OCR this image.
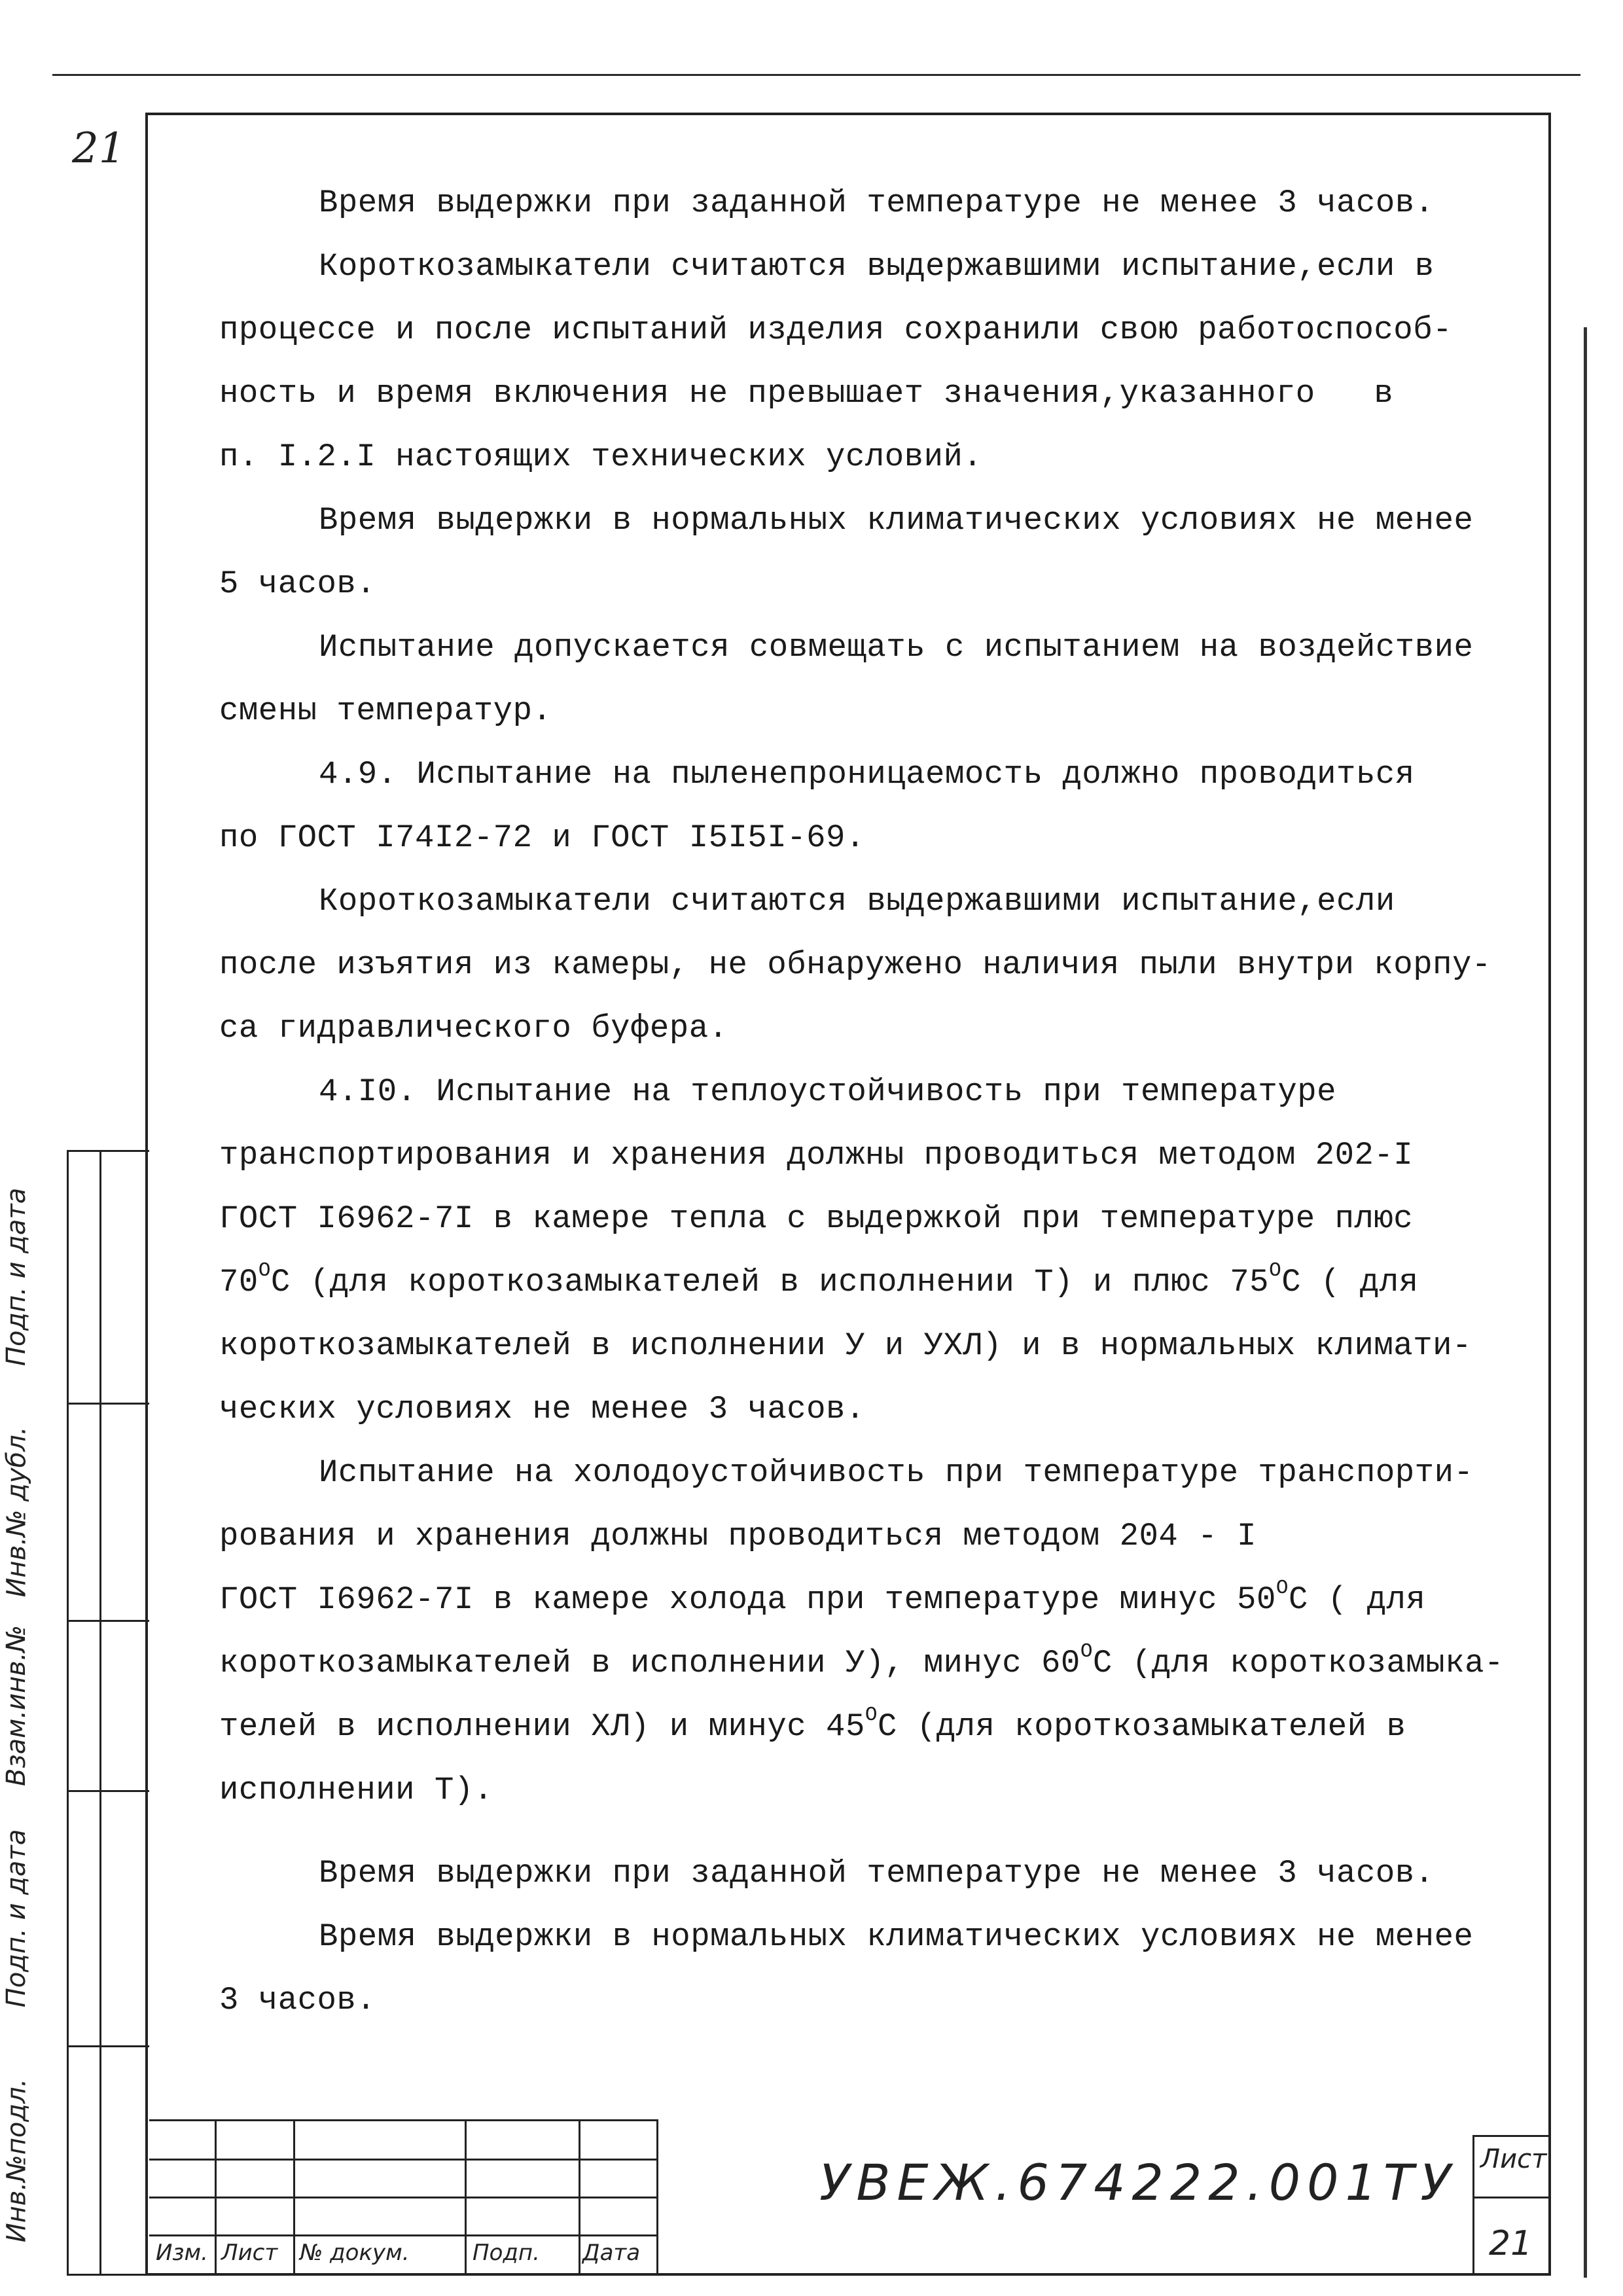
21
Время выдержки при заданной температуре не менее 3 часов.
Короткозамыкатели считаются выдержавшими испытание,если в
процессе и после испытаний изделия сохранили свою работоспособ-
ность и время включения не превышает значения,указанного   в
п. I.2.I настоящих технических условий.
Время выдержки в нормальных климатических условиях не менее
5 часов.
Испытание допускается совмещать с испытанием на воздействие
смены температур.
4.9. Испытание на пыленепроницаемость должно проводиться
по ГОСТ I74I2-72 и ГОСТ I5I5I-69.
Короткозамыкатели считаются выдержавшими испытание,если
после изъятия из камеры, не обнаружено наличия пыли внутри корпу-
са гидравлического буфера.
4.I0. Испытание на теплоустойчивость при температуре
транспортирования и хранения должны проводиться методом 202-I
ГОСТ I6962-7I в камере тепла с выдержкой при температуре плюс
$70^ОС$ (для короткозамыкателей в исполнении Т) и плюс $75^ОС$ ( для
короткозамыкателей в исполнении У и УХЛ) и в нормальных климати-
ческих условиях не менее 3 часов.
Испытание на холодоустойчивость при температуре транспорти-
рования и хранения должны проводиться методом 204 - I
ГОСТ I6962-7I в камере холода при температуре минус $50^ОС$ ( для
короткозамыкателей в исполнении У), минус $60^ОС$ (для короткозамыка-
телей в исполнении ХЛ) и минус $45^ОС$ (для короткозамыкателей в
исполнении Т).
Время выдержки при заданной температуре не менее 3 часов.
Время выдержки в нормальных климатических условиях не менее
3 часов.
Подп. и дата
Инв.№ дубл.
Взам.инв.№
Подп. и дата
Инв.№подл.
Изм. Лист № докум.	Подп. Дата
УВЕЖ.674222.001ТУ Лист
21
